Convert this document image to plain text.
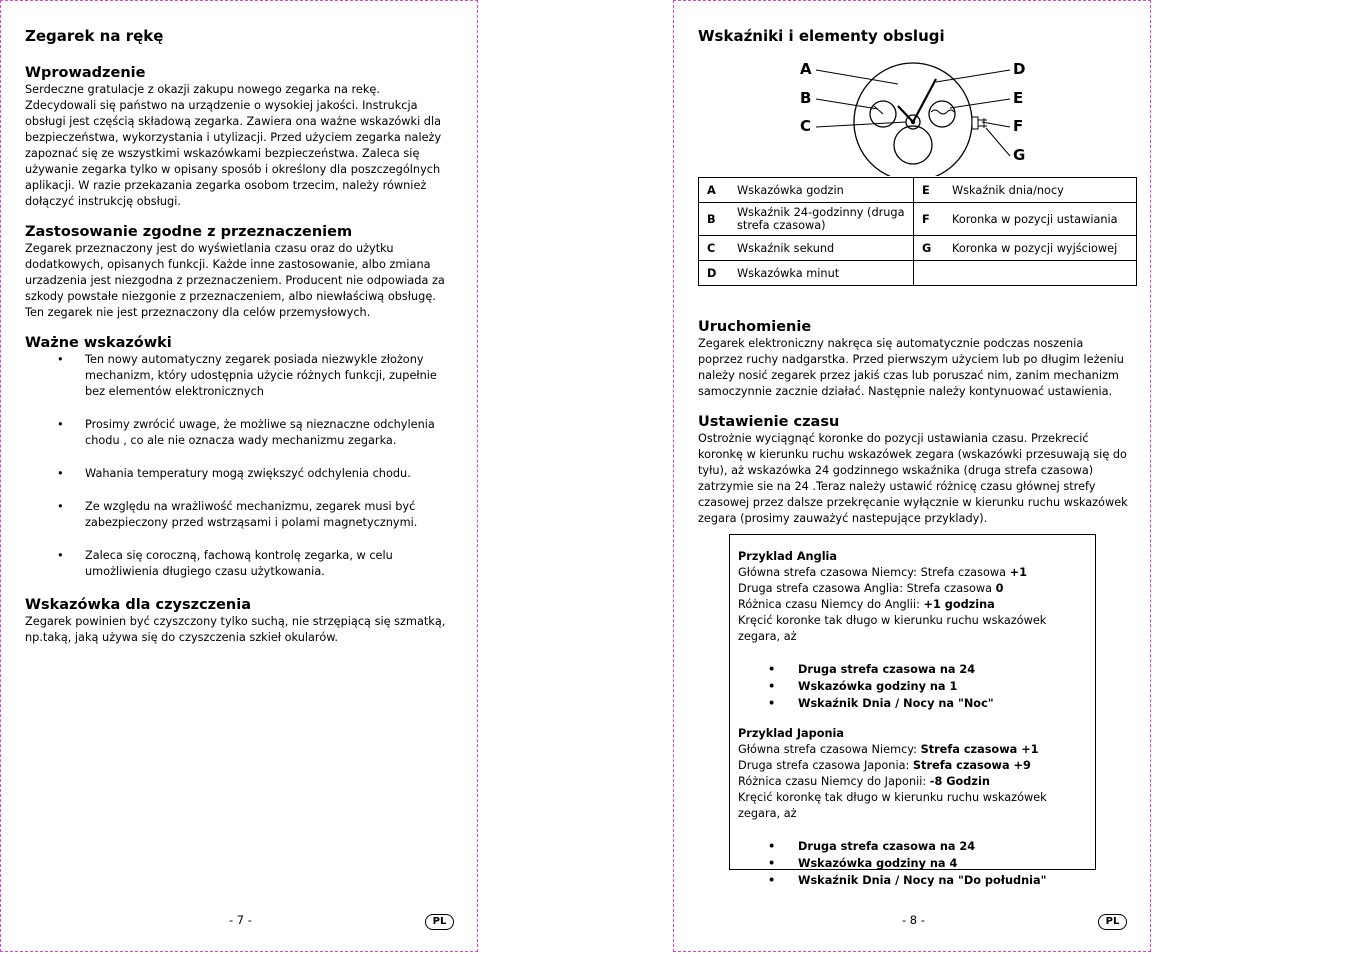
Zegarek na rękę
Wprowadzenie

Serdeczne gratulacje z okazji zakupu nowego zegarka na rekę. Zdecydowali się państwo na urządzenie o wysokiej jakości. Instrukcja obsługi jest częścią składową zegarka. Zawiera ona ważne wskazówki dla bezpieczeństwa, wykorzystania i utylizacji. Przed użyciem zegarka należy zapoznać się ze wszystkimi wskazówkami bezpieczeństwa. Zaleca się używanie zegarka tylko w opisany sposób i określony dla poszczególnych aplikacji. W razie przekazania zegarka osobom trzecim, należy również dołączyć instrukcję obsługi.

Zastosowanie zgodne z przeznaczeniem

Zegarek przeznaczony jest do wyświetlania czasu oraz do użytku dodatkowych, opisanych funkcji. Każde inne zastosowanie, albo zmiana urzadzenia jest niezgodna z przeznaczeniem. Producent nie odpowiada za szkody powstałe niezgonie z przeznaczeniem, albo niewłaściwą obsługę. Ten zegarek nie jest przeznaczony dla celów przemysłowych.

Ważne wskazówki
• Ten nowy automatyczny zegarek posiada niezwykle złożony mechanizm, który udostępnia użycie różnych funkcji, zupełnie bez elementów elektronicznych
• Prosimy zwrócić uwage, że możliwe są nieznaczne odchylenia chodu , co ale nie oznacza wady mechanizmu zegarka.
• Wahania temperatury mogą zwiększyć odchylenia chodu.
• Ze względu na wrażliwość mechanizmu, zegarek musi być zabezpieczony przed wstrząsami i polami magnetycznymi.
• Zaleca się coroczną, fachową kontrolę zegarka, w celu umożliwienia długiego czasu użytkowania.
Wskazówka dla czyszczenia

Zegarek powinien być czyszczony tylko suchą, nie strzępiącą się szmatką, np.taką, jaką używa się do czyszczenia szkieł okularów.

- 7 -	PL
Wskaźniki i elementy obslugi
A
B
C
D
E
F
G
A	Wskazówka godzin	E	Wskaźnik dnia/nocy
B	Wskaźnik 24-godzinny (druga strefa czasowa)	F	Koronka w pozycji ustawiania
C	Wskaźnik sekund	G	Koronka w pozycji wyjściowej
D	Wskazówka minut		
Uruchomienie

Zegarek elektroniczny nakręca się automatycznie podczas noszenia poprzez ruchy nadgarstka. Przed pierwszym użyciem lub po długim leżeniu należy nosić zegarek przez jakiś czas lub poruszać nim, zanim mechanizm samoczynnie zacznie działać. Następnie należy kontynuować ustawienia.

Ustawienie czasu

Ostrożnie wyciągnąć koronke do pozycji ustawiania czasu. Przekrecić koronkę w kierunku ruchu wskazówek zegara (wskazówki przesuwają się do tyłu), aż wskazówka 24 godzinnego wskaźnika (druga strefa czasowa) zatrzymie sie na 24 .Teraz należy ustawić różnicę czasu głównej strefy czasowej przez dalsze przekręcanie wyłącznie w kierunku ruchu wskazówek zegara (prosimy zauważyć nastepujące przyklady).

Przyklad Anglia
Główna strefa czasowa Niemcy: Strefa czasowa +1
Druga strefa czasowa Anglia: Strefa czasowa 0
Różnica czasu Niemcy do Anglii: +1 godzina
Kręcić koronke tak długo w kierunku ruchu wskazówek zegara, aż
• Druga strefa czasowa na 24
• Wskazówka godziny na 1
• Wskaźnik Dnia / Nocy na "Noc"
Przyklad Japonia
Główna strefa czasowa Niemcy: Strefa czasowa +1
Druga strefa czasowa Japonia: Strefa czasowa +9
Różnica czasu Niemcy do Japonii: -8 Godzin
Kręcić koronkę tak długo w kierunku ruchu wskazówek zegara, aż
• Druga strefa czasowa na 24
• Wskazówka godziny na 4
• Wskaźnik Dnia / Nocy na "Do południa"
- 8 -	PL
